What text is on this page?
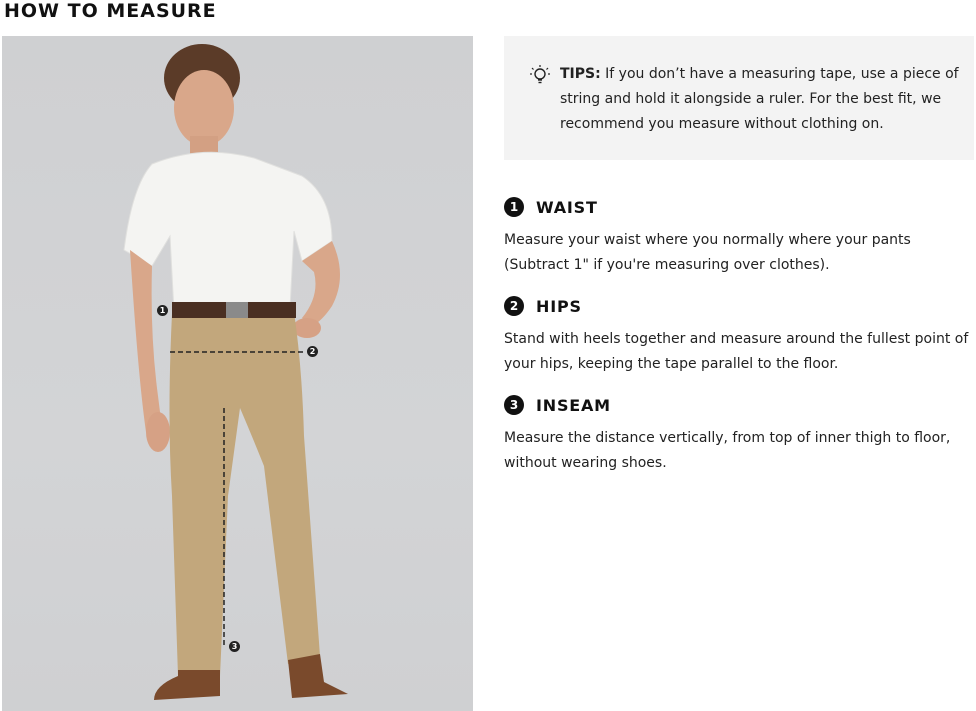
HOW TO MEASURE
1
2
3
TIPS: If you don’t have a measuring tape, use a piece of string and hold it alongside a ruler. For the best fit, we recommend you measure without clothing on.
1	WAIST
Measure your waist where you normally where your pants (Subtract 1" if you're measuring over clothes).
2	HIPS
Stand with heels together and measure around the fullest point of your hips, keeping the tape parallel to the floor.
3	INSEAM
Measure the distance vertically, from top of inner thigh to floor, without wearing shoes.
